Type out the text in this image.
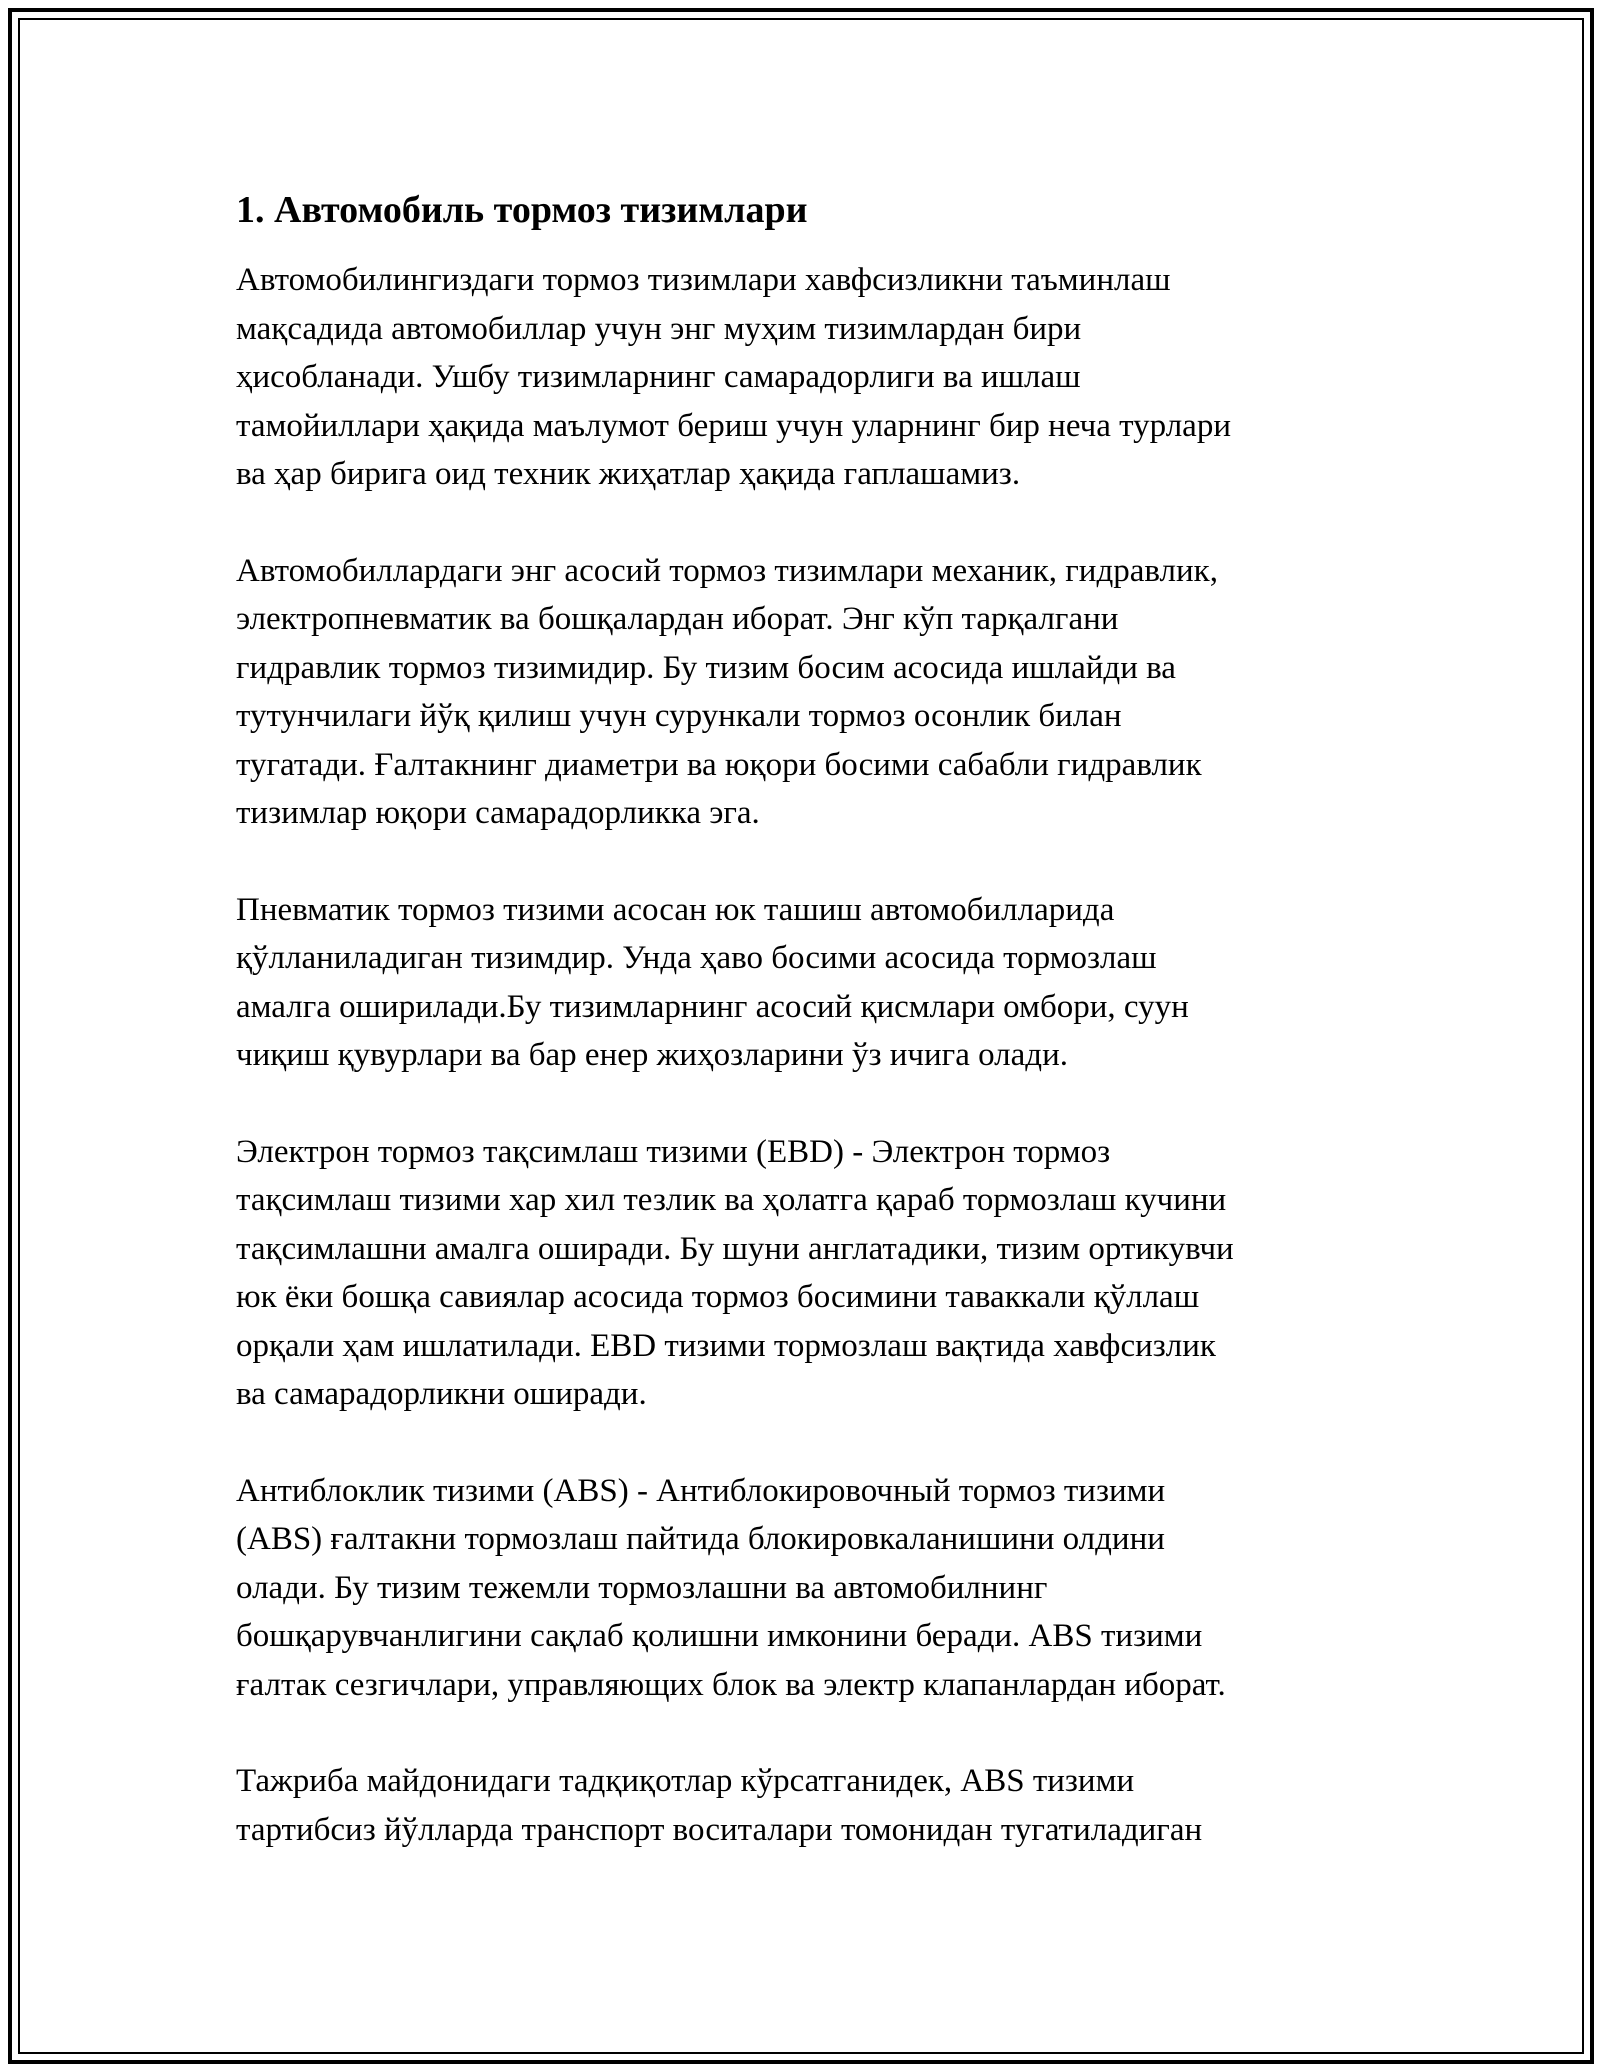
1. Автомобиль тормоз тизимлари

Автомобилингиздаги тормоз тизимлари хавфсизликни таъминлаш
мақсадида автомобиллар учун энг муҳим тизимлардан бири
ҳисобланади. Ушбу тизимларнинг самарадорлиги ва ишлаш
тамойиллари ҳақида маълумот бериш учун уларнинг бир неча турлари
ва ҳар бирига оид техник жиҳатлар ҳақида гаплашамиз.

Автомобиллардаги энг асосий тормоз тизимлари механик, гидравлик,
электропневматик ва бошқалардан иборат. Энг кўп тарқалгани
гидравлик тормоз тизимидир. Бу тизим босим асосида ишлайди ва
тутунчилаги йўқ қилиш учун сурункали тормоз осонлик билан
тугатади. Ғалтакнинг диаметри ва юқори босими сабабли гидравлик
тизимлар юқори самарадорликка эга.

Пневматик тормоз тизими асосан юк ташиш автомобилларида
қўлланиладиган тизимдир. Унда ҳаво босими асосида тормозлаш
амалга оширилади.Бу тизимларнинг асосий қисмлари омбори, суун
чиқиш қувурлари ва бар енер жиҳозларини ўз ичига олади.

Электрон тормоз тақсимлаш тизими (EBD) - Электрон тормоз
тақсимлаш тизими хар хил тезлик ва ҳолатга қараб тормозлаш кучини
тақсимлашни амалга оширади. Бу шуни англатадики, тизим ортикувчи
юк ёки бошқа савиялар асосида тормоз босимини таваккали қўллаш
орқали ҳам ишлатилади. EBD тизими тормозлаш вақтида хавфсизлик
ва самарадорликни оширади.

Антиблоклик тизими (ABS) - Антиблокировочный тормоз тизими
(ABS) ғалтакни тормозлаш пайтида блокировкаланишини олдини
олади. Бу тизим тежемли тормозлашни ва автомобилнинг
бошқарувчанлигини сақлаб қолишни имконини беради. ABS тизими
ғалтак сезгичлари, управляющих блок ва электр клапанлардан иборат.

Тажриба майдонидаги тадқиқотлар кўрсатганидек, ABS тизими
тартибсиз йўлларда транспорт воситалари томонидан тугатиладиган
